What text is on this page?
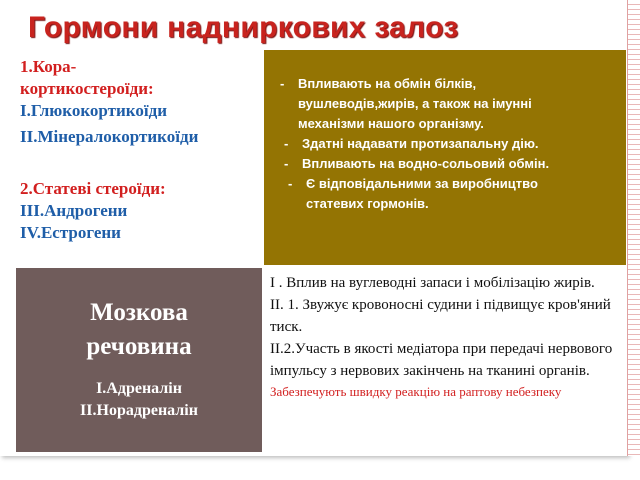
Гормони надниркових залоз
1.Кора-
кортикостероїди:
І.Глюкокортикоїди
ІІ.Мінералокортикоїди
2.Статеві стероїди:
ІІІ.Андрогени
ІV.Естрогени
- Впливають на обмін білків,
вушлеводів,жирів, а також на імунні
механізми нашого організму.
- Здатні надавати протизапальну дію.
- Впливають на водно-сольовий обмін.
- Є відповідальними за виробництво
статевих гормонів.
Мозкова
речовина
І.Адреналін
ІІ.Норадреналін

І . Вплив на вуглеводні запаси і мобілізацію жирів.

ІІ. 1. Звужує кровоносні судини і підвищує кров'яний тиск.

ІІ.2.Участь в якості медіатора при передачі нервового імпульсу з нервових закінчень на тканині органів.

Забезпечують швидку реакцію на раптову небезпеку
